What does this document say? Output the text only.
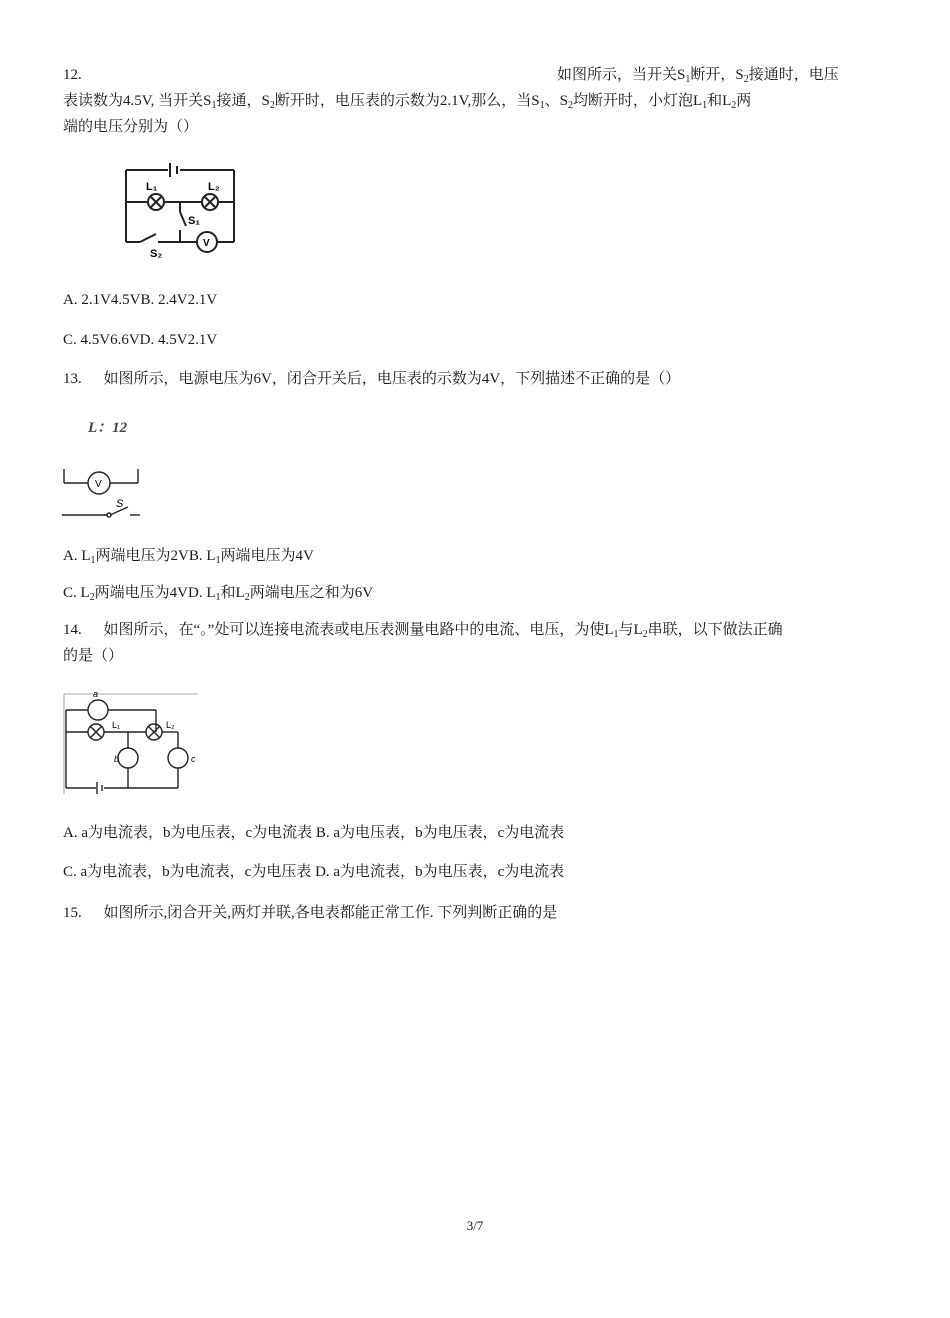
12.	如图所示，当开关$S_1$断开，$S_2$接通时，电压

表读数为4.5V, 当开关$S_1$接通，$S_2$断开时，电压表的示数为2.1V,那么，当$S_1$、$S_2$均断开时，小灯泡$L_1$和$L_2$两
端的电压分别为（）
L₁	L₂
S₁
S₂
V
A. 2.1V4.5VB. 2.4V2.1V
C. 4.5V6.6VD. 4.5V2.1V
13. 如图所示，电源电压为6V，闭合开关后，电压表的示数为4V，下列描述不正确的是（）
L：12
V
S
A. $L_1$两端电压为2VB. $L_1$两端电压为4V
C. $L_2$两端电压为4VD. $L_1$和$L_2$两端电压之和为6V
14. 如图所示，在“。”处可以连接电流表或电压表测量电路中的电流、电压，为使$L_1$与$L_2$串联，以下做法正确
的是（）
a
L₁	L₂
b	c
A. a为电流表，b为电压表，c为电流表 B. a为电压表，b为电压表，c为电流表
C. a为电流表，b为电流表，c为电压表 D. a为电流表，b为电压表，c为电流表
15. 如图所示,闭合开关,两灯并联,各电表都能正常工作. 下列判断正确的是
3/7
